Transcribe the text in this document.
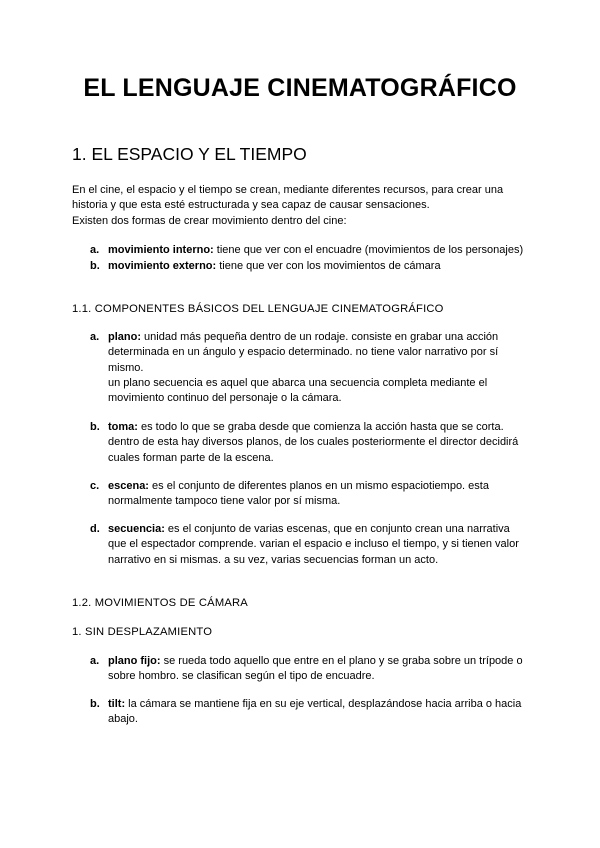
EL LENGUAJE CINEMATOGRÁFICO
1. EL ESPACIO Y EL TIEMPO
En el cine, el espacio y el tiempo se crean, mediante diferentes recursos, para crear una
historia y que esta esté estructurada y sea capaz de causar sensaciones.
Existen dos formas de crear movimiento dentro del cine:
a. movimiento interno: tiene que ver con el encuadre (movimientos de los personajes)
b. movimiento externo: tiene que ver con los movimientos de cámara
1.1. COMPONENTES BÁSICOS DEL LENGUAJE CINEMATOGRÁFICO
a. plano: unidad más pequeña dentro de un rodaje. consiste en grabar una acción
determinada en un ángulo y espacio determinado. no tiene valor narrativo por sí
mismo.
un plano secuencia es aquel que abarca una secuencia completa mediante el
movimiento continuo del personaje o la cámara.
b. toma: es todo lo que se graba desde que comienza la acción hasta que se corta.
dentro de esta hay diversos planos, de los cuales posteriormente el director decidirá
cuales forman parte de la escena.
c. escena: es el conjunto de diferentes planos en un mismo espaciotiempo. esta
normalmente tampoco tiene valor por sí misma.
d. secuencia: es el conjunto de varias escenas, que en conjunto crean una narrativa
que el espectador comprende. varian el espacio e incluso el tiempo, y si tienen valor
narrativo en si mismas. a su vez, varias secuencias forman un acto.
1.2. MOVIMIENTOS DE CÁMARA
1. SIN DESPLAZAMIENTO
a. plano fijo: se rueda todo aquello que entre en el plano y se graba sobre un trípode o
sobre hombro. se clasifican según el tipo de encuadre.
b. tilt: la cámara se mantiene fija en su eje vertical, desplazándose hacia arriba o hacia
abajo.
